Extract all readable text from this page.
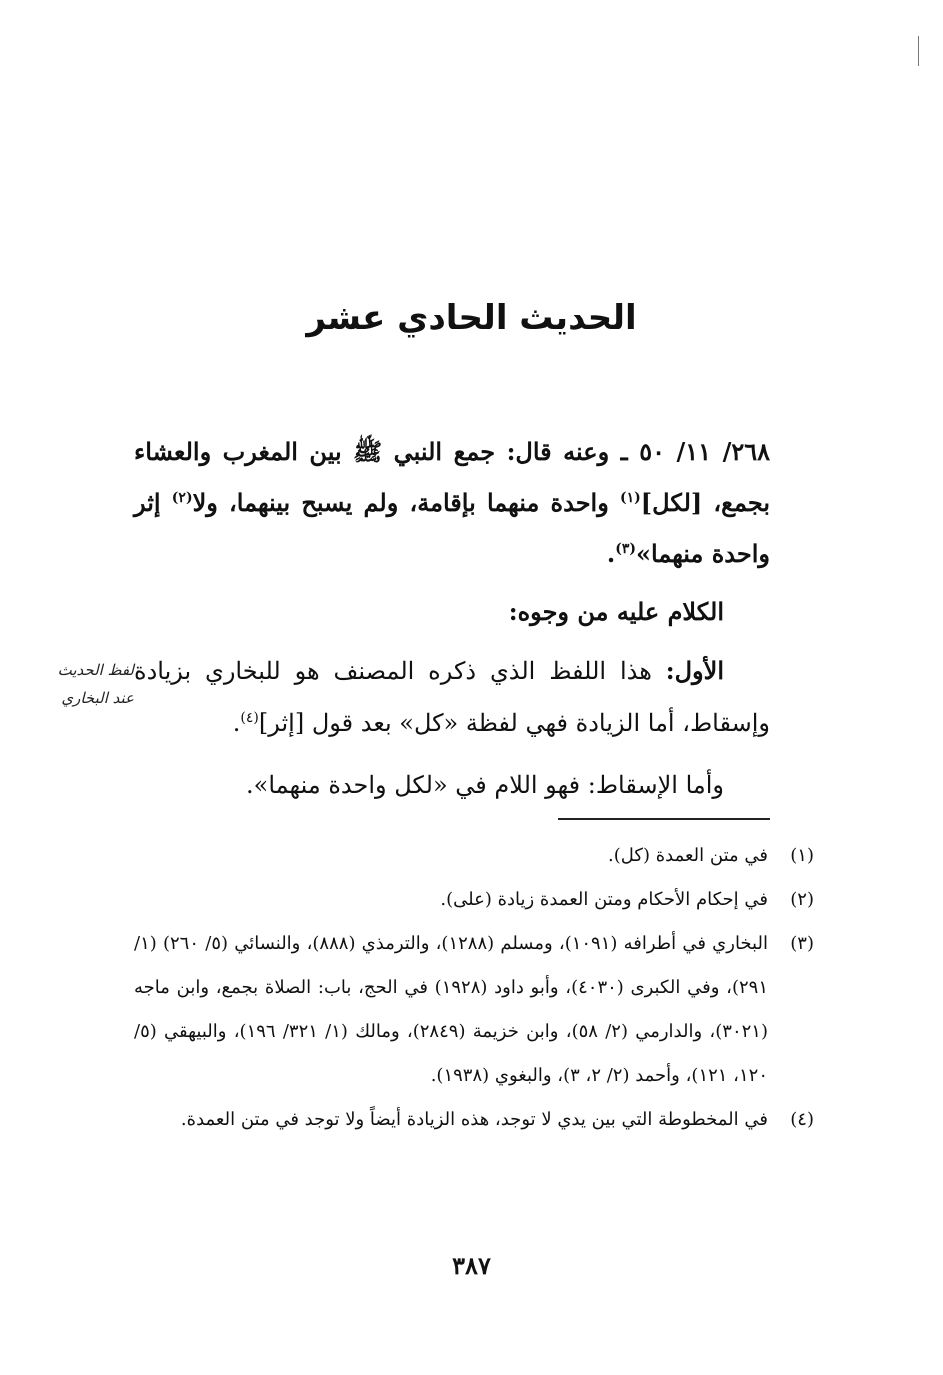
الحديث الحادي عشر

٢٦٨/ ١١/ ٥٠ ـ وعنه قال: جمع النبي ﷺ بين المغرب والعشاء بجمع، [لكل]$^{(١)}$ واحدة منهما بإقامة، ولم يسبح بينهما، ولا$^{(٢)}$ إثر واحدة منهما»$^{(٣)}$.

الكلام عليه من وجوه:

الأول: هذا اللفظ الذي ذكره المصنف هو للبخاري بزيادة وإسقاط، أما الزيادة فهي لفظة «كل» بعد قول [إثر]$^{(٤)}$.

وأما الإسقاط: فهو اللام في «لكل واحدة منهما».

لفظ الحديث
عند البخاري
(١)
في متن العمدة (كل).
(٢)
في إحكام الأحكام ومتن العمدة زيادة (على).
(٣)
البخاري في أطرافه (١٠٩١)، ومسلم (١٢٨٨)، والترمذي (٨٨٨)، والنسائي (٥/ ٢٦٠) (١/ ٢٩١)، وفي الكبرى (٤٠٣٠)، وأبو داود (١٩٢٨) في الحج، باب: الصلاة بجمع، وابن ماجه (٣٠٢١)، والدارمي (٢/ ٥٨)، وابن خزيمة (٢٨٤٩)، ومالك (١/ ٣٢١/ ١٩٦)، والبيهقي (٥/ ١٢٠، ١٢١)، وأحمد (٢/ ٢، ٣)، والبغوي (١٩٣٨).
(٤)
في المخطوطة التي بين يدي لا توجد، هذه الزيادة أيضاً ولا توجد في متن العمدة.
٣٨٧
